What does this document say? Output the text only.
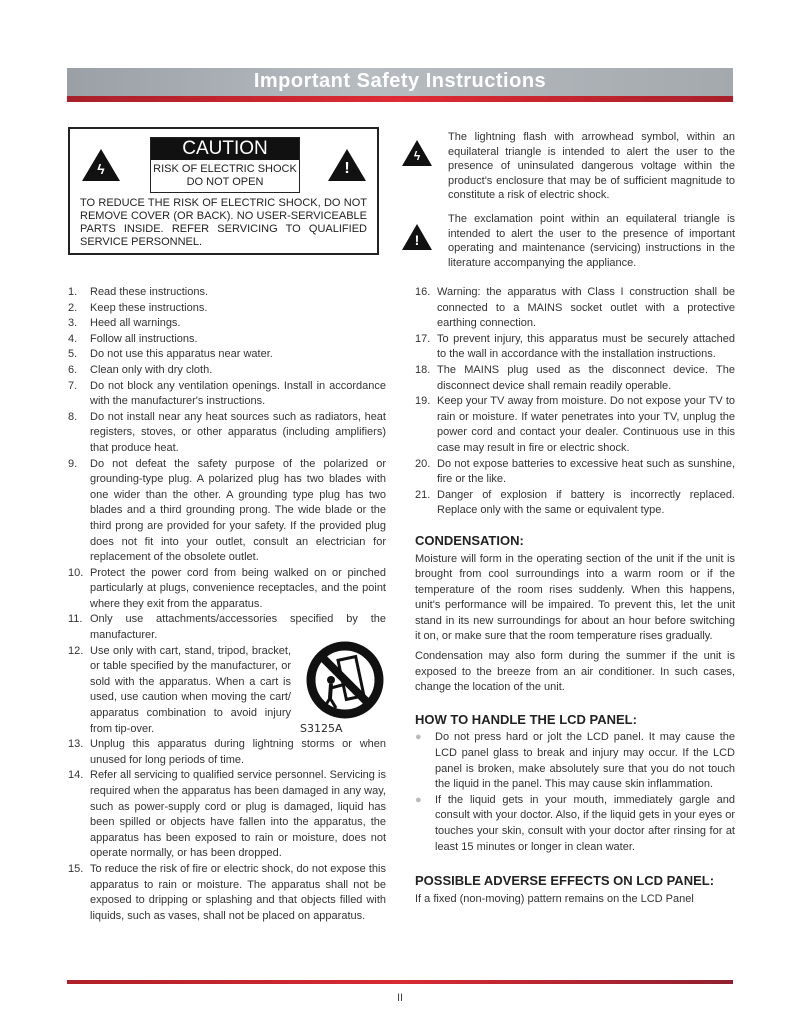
Important Safety Instructions
ϟ
CAUTION
RISK OF ELECTRIC SHOCK
DO NOT OPEN
!
TO REDUCE THE RISK OF ELECTRIC SHOCK, DO NOT REMOVE COVER (OR BACK). NO USER-SERVICEABLE PARTS INSIDE. REFER SERVICING TO QUALIFIED SERVICE PERSONNEL.
ϟ
The lightning flash with arrowhead symbol, within an equilateral triangle is intended to alert the user to the presence of uninsulated dangerous voltage within the product's enclosure that may be of sufficient magnitude to constitute a risk of electric shock.
!
The exclamation point within an equilateral triangle is intended to alert the user to the presence of important operating and maintenance (servicing) instructions in the literature accompanying the appliance.
1.	Read these instructions.
2.	Keep these instructions.
3.	Heed all warnings.
4.	Follow all instructions.
5.	Do not use this apparatus near water.
6.	Clean only with dry cloth.
7.	Do not block any ventilation openings. Install in accordance with the manufacturer's instructions.
8.	Do not install near any heat sources such as radiators, heat registers, stoves, or other apparatus (including amplifiers) that produce heat.
9.	Do not defeat the safety purpose of the polarized or grounding-type plug. A polarized plug has two blades with one wider than the other. A grounding type plug has two blades and a third grounding prong. The wide blade or the third prong are provided for your safety. If the provided plug does not fit into your outlet, consult an electrician for replacement of the obsolete outlet.
10. Protect the power cord from being walked on or pinched particularly at plugs, convenience receptacles, and the point where they exit from the apparatus.
11. Only use attachments/accessories specified by the manufacturer.
12. Use only with cart, stand, tripod, bracket, or table specified by the manufacturer, or sold with the apparatus. When a cart is used, use caution when moving the cart/ apparatus combination to avoid injury from tip-over.
13. Unplug this apparatus during lightning storms or when unused for long periods of time.
14. Refer all servicing to qualified service personnel. Servicing is required when the apparatus has been damaged in any way, such as power-supply cord or plug is damaged, liquid has been spilled or objects have fallen into the apparatus, the apparatus has been exposed to rain or moisture, does not operate normally, or has been dropped.
15. To reduce the risk of fire or electric shock, do not expose this apparatus to rain or moisture. The apparatus shall not be exposed to dripping or splashing and that objects filled with liquids, such as vases, shall not be placed on apparatus.
S3125A
16. Warning: the apparatus with Class I construction shall be connected to a MAINS socket outlet with a protective earthing connection.
17. To prevent injury, this apparatus must be securely attached to the wall in accordance with the installation instructions.
18. The MAINS plug used as the disconnect device. The disconnect device shall remain readily operable.
19. Keep your TV away from moisture. Do not expose your TV to rain or moisture. If water penetrates into your TV, unplug the power cord and contact your dealer. Continuous use in this case may result in fire or electric shock.
20. Do not expose batteries to excessive heat such as sunshine, fire or the like.
21. Danger of explosion if battery is incorrectly replaced. Replace only with the same or equivalent type.
CONDENSATION:
Moisture will form in the operating section of the unit if the unit is brought from cool surroundings into a warm room or if the temperature of the room rises suddenly. When this happens, unit's performance will be impaired. To prevent this, let the unit stand in its new surroundings for about an hour before switching it on, or make sure that the room temperature rises gradually.
Condensation may also form during the summer if the unit is exposed to the breeze from an air conditioner. In such cases, change the location of the unit.
HOW TO HANDLE THE LCD PANEL:
●	Do not press hard or jolt the LCD panel. It may cause the LCD panel glass to break and injury may occur. If the LCD panel is broken, make absolutely sure that you do not touch the liquid in the panel. This may cause skin inflammation.
●	If the liquid gets in your mouth, immediately gargle and consult with your doctor. Also, if the liquid gets in your eyes or touches your skin, consult with your doctor after rinsing for at least 15 minutes or longer in clean water.
POSSIBLE ADVERSE EFFECTS ON LCD PANEL:
If a fixed (non-moving) pattern remains on the LCD Panel
II
